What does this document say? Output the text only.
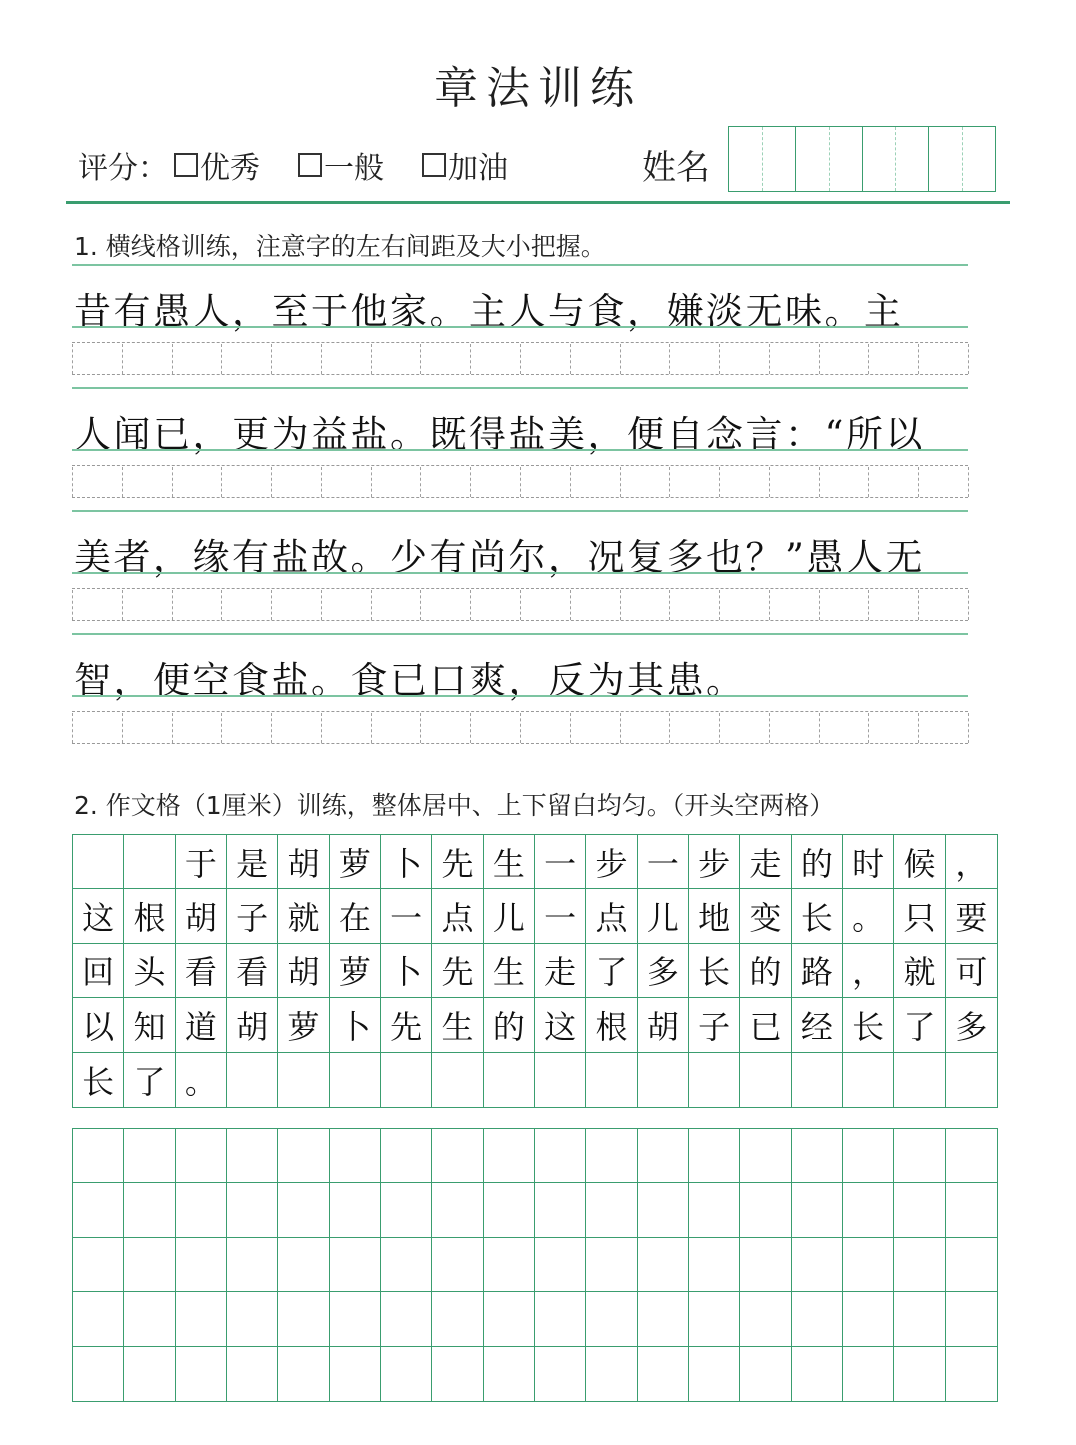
章法训练
评分： 优秀 一般 加油	姓名
1. 横线格训练，注意字的左右间距及大小把握。
昔有愚人，至于他家。主人与食，嫌淡无味。主
人闻已，更为益盐。既得盐美，便自念言：“所以
美者，缘有盐故。少有尚尔，况复多也？”愚人无
智，便空食盐。食已口爽，反为其患。
2. 作文格（1厘米）训练，整体居中、上下留白均匀。（开头空两格）
于 是 胡 萝 卜 先 生 一 步 一 步 走 的 时 候 ，
这 根 胡 子 就 在 一 点 儿 一 点 儿 地 变 长 。 只 要
回 头 看 看 胡 萝 卜 先 生 走 了 多 长 的 路 ， 就 可
以 知 道 胡 萝 卜 先 生 的 这 根 胡 子 已 经 长 了 多
长 了 。
